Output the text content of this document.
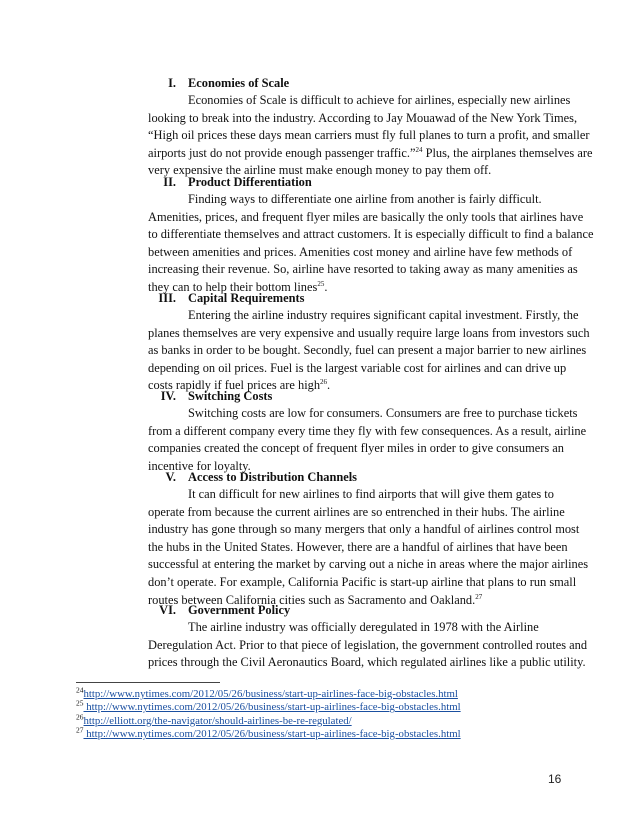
I. Economies of Scale
Economies of Scale is difficult to achieve for airlines, especially new airlines
looking to break into the industry. According to Jay Mouawad of the New York Times,
“High oil prices these days mean carriers must fly full planes to turn a profit, and smaller
airports just do not provide enough passenger traffic.”$^{24}$ Plus, the airplanes themselves are
very expensive the airline must make enough money to pay them off.
II. Product Differentiation
Finding ways to differentiate one airline from another is fairly difficult.
Amenities, prices, and frequent flyer miles are basically the only tools that airlines have
to differentiate themselves and attract customers. It is especially difficult to find a balance
between amenities and prices. Amenities cost money and airline have few methods of
increasing their revenue. So, airline have resorted to taking away as many amenities as
they can to help their bottom lines$^{25}$.
III. Capital Requirements
Entering the airline industry requires significant capital investment. Firstly, the
planes themselves are very expensive and usually require large loans from investors such
as banks in order to be bought. Secondly, fuel can present a major barrier to new airlines
depending on oil prices. Fuel is the largest variable cost for airlines and can drive up
costs rapidly if fuel prices are high$^{26}$.
IV. Switching Costs
Switching costs are low for consumers. Consumers are free to purchase tickets
from a different company every time they fly with few consequences. As a result, airline
companies created the concept of frequent flyer miles in order to give consumers an
incentive for loyalty.
V. Access to Distribution Channels
It can difficult for new airlines to find airports that will give them gates to
operate from because the current airlines are so entrenched in their hubs. The airline
industry has gone through so many mergers that only a handful of airlines control most
the hubs in the United States. However, there are a handful of airlines that have been
successful at entering the market by carving out a niche in areas where the major airlines
don’t operate. For example, California Pacific is start-up airline that plans to run small
routes between California cities such as Sacramento and Oakland.$^{27}$
VI. Government Policy
The airline industry was officially deregulated in 1978 with the Airline
Deregulation Act. Prior to that piece of legislation, the government controlled routes and
prices through the Civil Aeronautics Board, which regulated airlines like a public utility.
$^{24}$http://www.nytimes.com/2012/05/26/business/start-up-airlines-face-big-obstacles.html
$^{25}$ http://www.nytimes.com/2012/05/26/business/start-up-airlines-face-big-obstacles.html
$^{26}$http://elliott.org/the-navigator/should-airlines-be-re-regulated/
$^{27}$ http://www.nytimes.com/2012/05/26/business/start-up-airlines-face-big-obstacles.html
16
